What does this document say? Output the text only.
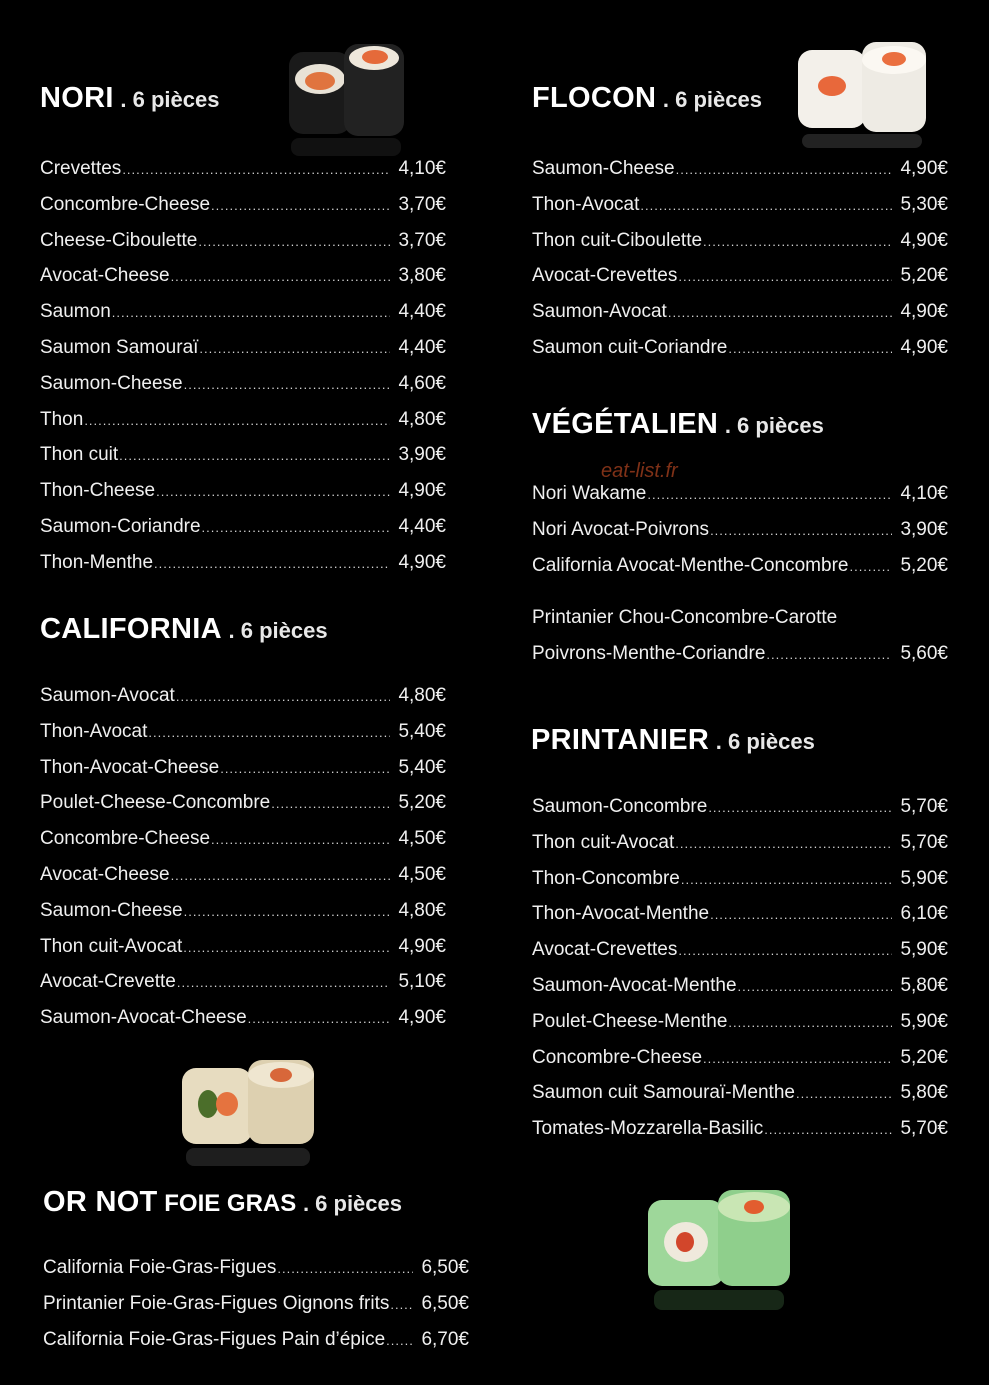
NORI . 6 pièces
Crevettes .....	4,10€
Concombre-Cheese .....	3,70€
Cheese-Ciboulette .....	3,70€
Avocat-Cheese .....	3,80€
Saumon .....	4,40€
Saumon Samouraï .....	4,40€
Saumon-Cheese .....	4,60€
Thon .....	4,80€
Thon cuit .....	3,90€
Thon-Cheese .....	4,90€
Saumon-Coriandre .....	4,40€
Thon-Menthe .....	4,90€
CALIFORNIA . 6 pièces
Saumon-Avocat .....	4,80€
Thon-Avocat .....	5,40€
Thon-Avocat-Cheese .....	5,40€
Poulet-Cheese-Concombre .....	5,20€
Concombre-Cheese .....	4,50€
Avocat-Cheese .....	4,50€
Saumon-Cheese .....	4,80€
Thon cuit-Avocat .....	4,90€
Avocat-Crevette .....	5,10€
Saumon-Avocat-Cheese .....	4,90€
OR NOT FOIE GRAS . 6 pièces
California Foie-Gras-Figues .....	6,50€
Printanier Foie-Gras-Figues Oignons frits ..... 6,50€
California Foie-Gras-Figues Pain d’épice ..... 6,70€
FLOCON . 6 pièces
Saumon-Cheese .....	4,90€
Thon-Avocat .....	5,30€
Thon cuit-Ciboulette .....	4,90€
Avocat-Crevettes .....	5,20€
Saumon-Avocat .....	4,90€
Saumon cuit-Coriandre .....	4,90€
VÉGÉTALIEN . 6 pièces
Nori Wakame .....	4,10€
Nori Avocat-Poivrons .....	3,90€
California Avocat-Menthe-Concombre .....	5,20€
Printanier Chou-Concombre-Carotte
Poivrons-Menthe-Coriandre .....	5,60€
PRINTANIER . 6 pièces
Saumon-Concombre .....	5,70€
Thon cuit-Avocat .....	5,70€
Thon-Concombre .....	5,90€
Thon-Avocat-Menthe .....	6,10€
Avocat-Crevettes .....	5,90€
Saumon-Avocat-Menthe .....	5,80€
Poulet-Cheese-Menthe .....	5,90€
Concombre-Cheese .....	5,20€
Saumon cuit Samouraï-Menthe .....	5,80€
Tomates-Mozzarella-Basilic .....	5,70€
eat-list.fr
